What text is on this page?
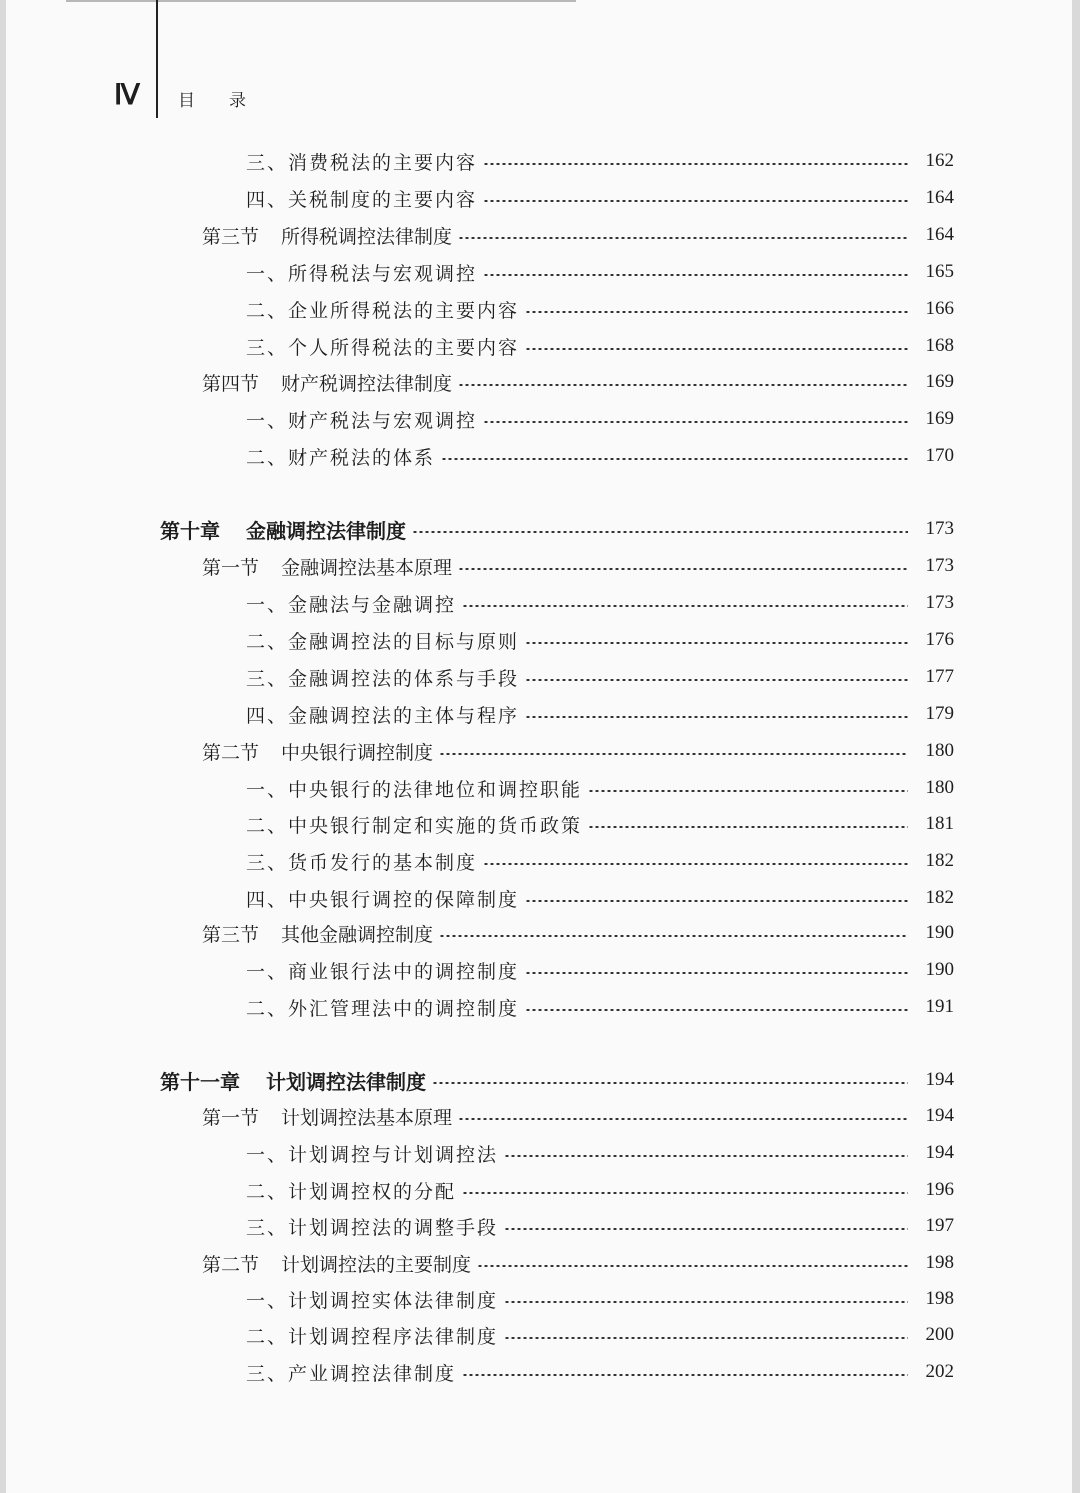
Ⅳ 目录
三、消费税法的主要内容	162
四、关税制度的主要内容	164
第三节 所得税调控法律制度	164
一、所得税法与宏观调控	165
二、企业所得税法的主要内容	166
三、个人所得税法的主要内容	168
第四节 财产税调控法律制度	169
一、财产税法与宏观调控	169
二、财产税法的体系	170
第十章 金融调控法律制度	173
第一节 金融调控法基本原理	173
一、金融法与金融调控	173
二、金融调控法的目标与原则	176
三、金融调控法的体系与手段	177
四、金融调控法的主体与程序	179
第二节 中央银行调控制度	180
一、中央银行的法律地位和调控职能	180
二、中央银行制定和实施的货币政策	181
三、货币发行的基本制度	182
四、中央银行调控的保障制度	182
第三节 其他金融调控制度	190
一、商业银行法中的调控制度	190
二、外汇管理法中的调控制度	191
第十一章 计划调控法律制度	194
第一节 计划调控法基本原理	194
一、计划调控与计划调控法	194
二、计划调控权的分配	196
三、计划调控法的调整手段	197
第二节 计划调控法的主要制度	198
一、计划调控实体法律制度	198
二、计划调控程序法律制度	200
三、产业调控法律制度	202
